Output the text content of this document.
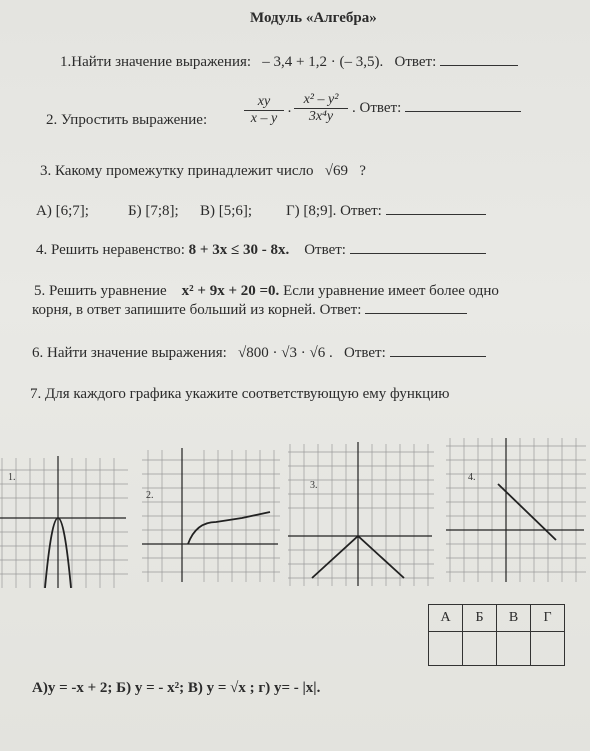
Модуль «Алгебра»
1.Найти значение выражения: – 3,4 + 1,2 · (– 3,5). Ответ:
2. Упростить выражение:	$\frac{xy}{x - y} \cdot \frac{\text{x² – y²}}{\text{3x⁴y}}$ . Ответ:
3. Какому промежутку принадлежит число √69 ?
А) [6;7];	Б) [7;8]; В) [5;6]; Г) [8;9]. Ответ:
4. Решить неравенство: 8 + 3x ≤ 30 - 8x. Ответ:
5. Решить уравнение x² + 9x + 20 =0. Если уравнение имеет более одно
корня, в ответ запишите больший из корней. Ответ:
6. Найти значение выражения: √800 · √3 · √6 . Ответ:
7. Для каждого графика укажите соответствующую ему функцию
1.
2.
3.
4.
А	Б	В	Г

А)y = -x + 2; Б) y = - x²; В) y = √x ; г) y= - |x|.
